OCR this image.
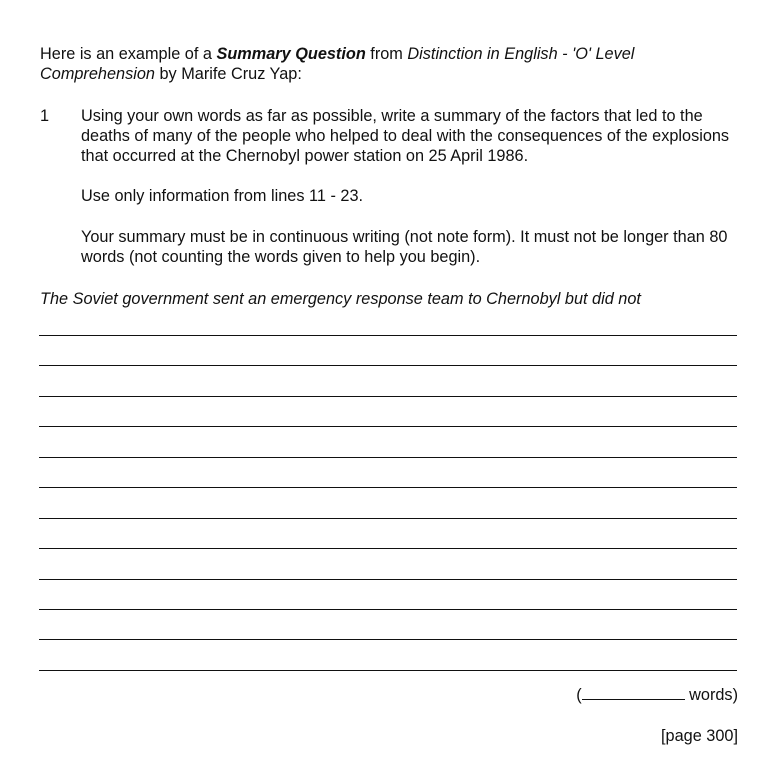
Here is an example of a Summary Question from Distinction in English - 'O' Level Comprehension by Marife Cruz Yap:
1 Using your own words as far as possible, write a summary of the factors that led to the deaths of many of the people who helped to deal with the consequences of the explosions that occurred at the Chernobyl power station on 25 April 1986.
Use only information from lines 11 - 23.
Your summary must be in continuous writing (not note form). It must not be longer than 80 words (not counting the words given to help you begin).
The Soviet government sent an emergency response team to Chernobyl but did not
(	words)
[page 300]
